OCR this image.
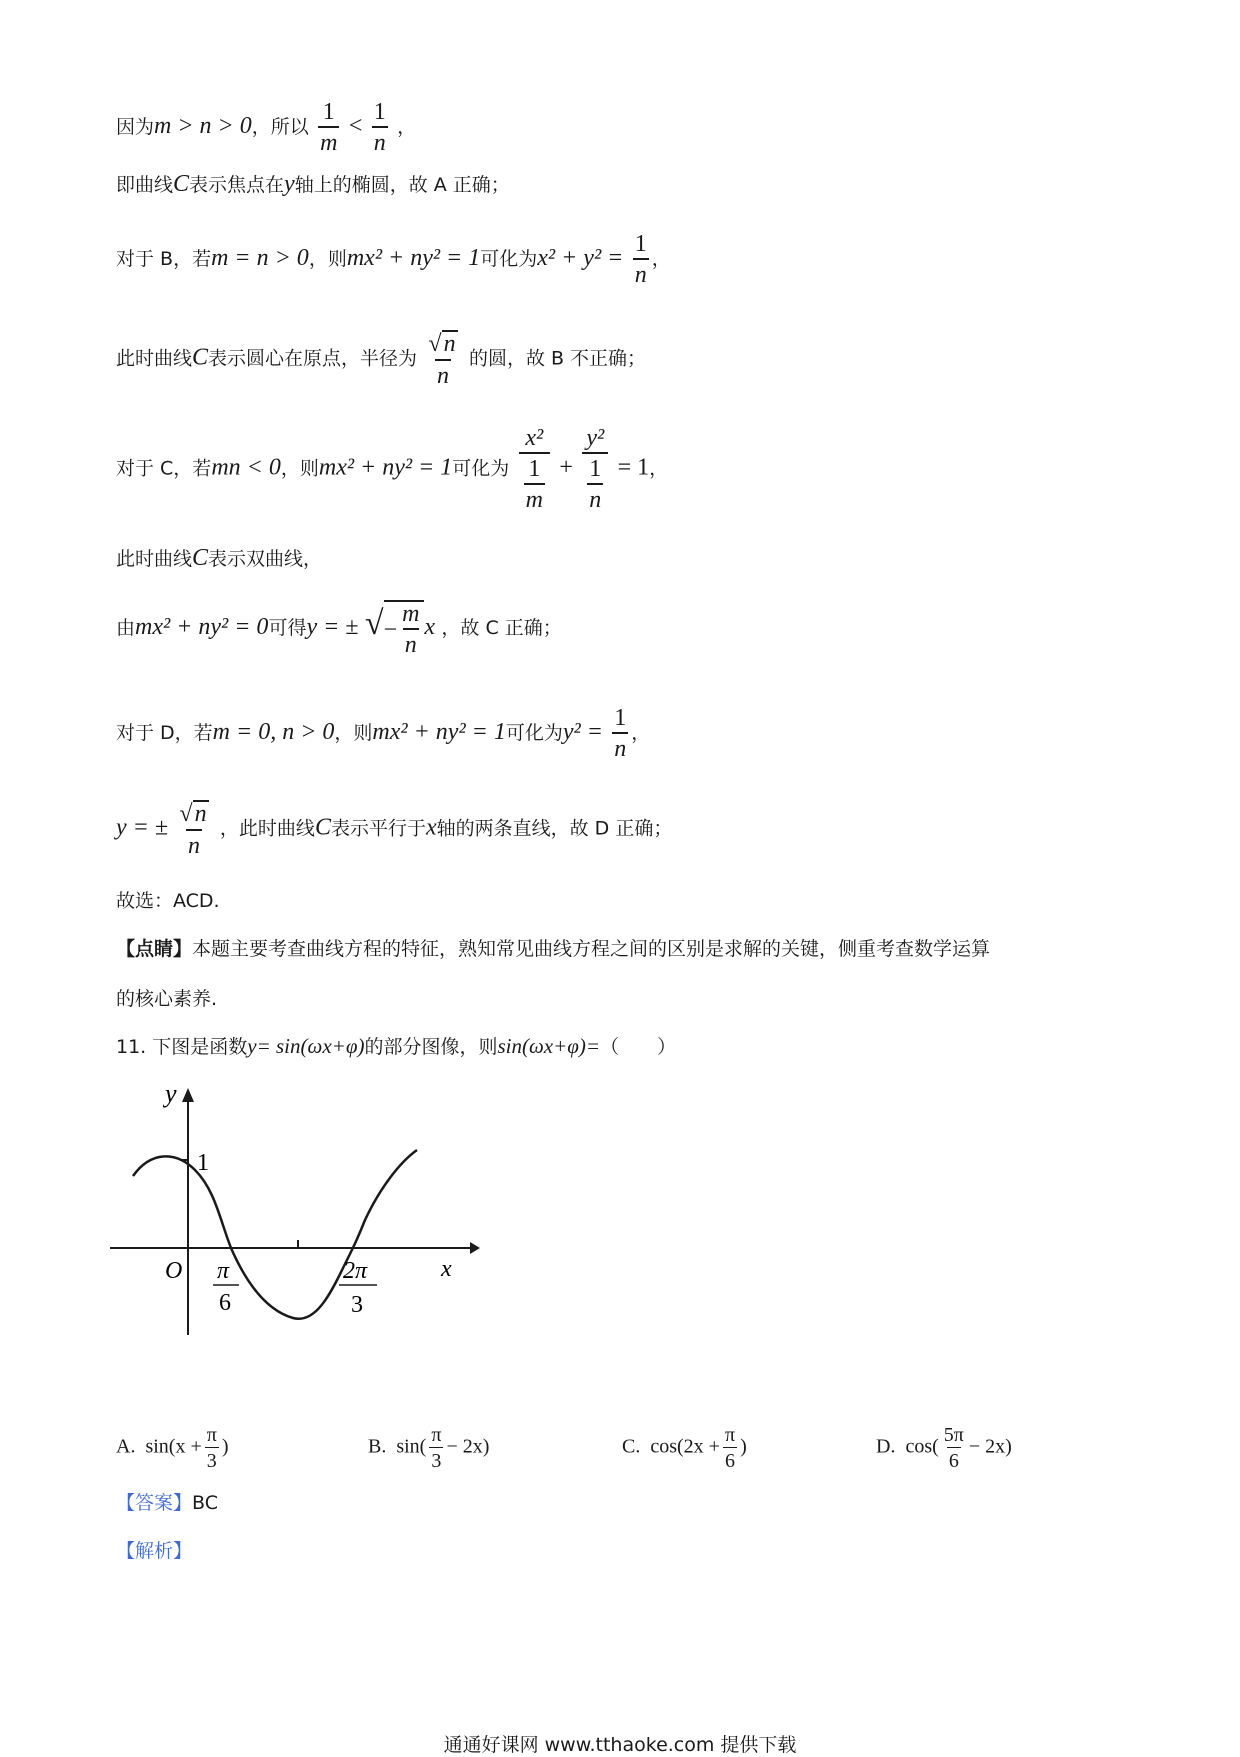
因为m > n > 0，所以 $\frac{1}{m} < \frac{1}{n}$ ，
即曲线C表示焦点在y轴上的椭圆，故 A 正确；
对于 B，若m = n > 0，则mx² + ny² = 1可化为$x^2 + y^2 = \frac{1}{n}$ ，
此时曲线C表示圆心在原点，半径为 $\frac{√n}{n}$ 的圆，故 B 不正确；
对于 C，若mn < 0，则mx² + ny² = 1可化为
x²
$\frac{1}{m}$ +
y²
$\frac{1}{n} = 1$，
此时曲线C表示双曲线，
由mx² + ny² = 0可得y = ± √ − $\frac{m}{n}$ x ，故 C 正确；
对于 D，若m = 0, n > 0，则mx² + ny² = 1可化为$y^2 = \frac{1}{n}$ ，
y = ± $\frac{√n}{n}$ ，此时曲线C表示平行于x轴的两条直线，故 D 正确；
故选：ACD.
【点睛】本题主要考查曲线方程的特征，熟知常见曲线方程之间的区别是求解的关键，侧重考查数学运算
的核心素养.
11. 下图是函数y= sin(ωx+φ)的部分图像，则sin(ωx+φ)=（　　）
y
x
O
1
π
6
2π
3
A. $\sin(x + \frac{\pi}{3}$ )	B. $\sin( \frac{\pi}{3} - 2x)$	C. $\cos(2x + \frac{\pi}{6}$ )	D. $\cos( \frac{5\pi}{6} - 2x)$
【答案】BC
【解析】
通通好课网 www.tthaoke.com 提供下载
